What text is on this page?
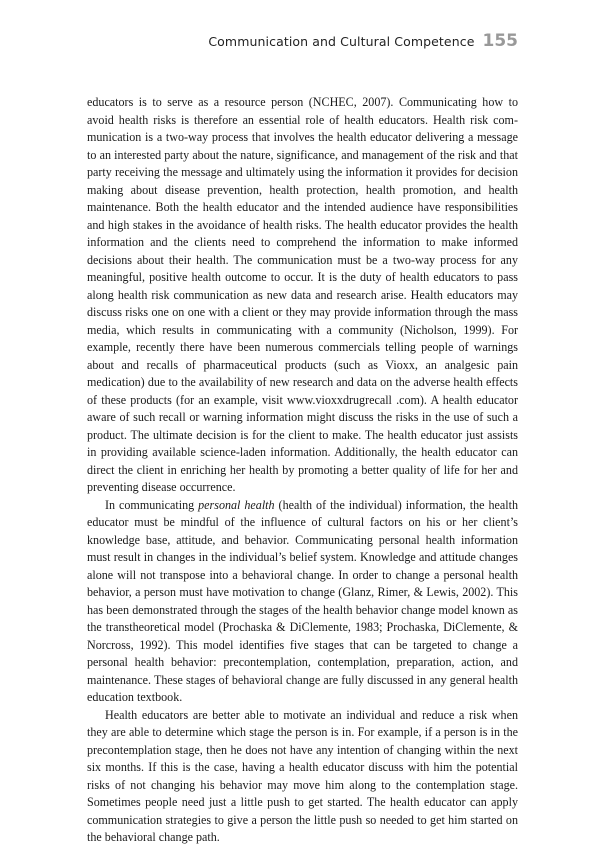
Communication and Cultural Competence 155

educators is to serve as a resource person (NCHEC, 2007). Communicating how to avoid health risks is therefore an essential role of health educators. Health risk communication is a two-way process that involves the health educator delivering a message to an interested party about the nature, significance, and management of the risk and that party receiving the message and ultimately using the information it provides for decision making about disease prevention, health protection, health promotion, and health maintenance. Both the health educator and the intended audience have responsibilities and high stakes in the avoidance of health risks. The health educator provides the health information and the clients need to comprehend the information to make informed decisions about their health. The communication must be a two-way process for any meaningful, positive health outcome to occur. It is the duty of health educators to pass along health risk communication as new data and research arise. Health educators may discuss risks one on one with a client or they may provide information through the mass media, which results in communicating with a community (Nicholson, 1999). For example, recently there have been numerous commercials telling people of warnings about and recalls of pharmaceutical products (such as Vioxx, an analgesic pain medication) due to the availability of new research and data on the adverse health effects of these products (for an example, visit www.vioxxdrugrecall .com). A health educator aware of such recall or warning information might discuss the risks in the use of such a product. The ultimate decision is for the client to make. The health educator just assists in providing available science-laden information. Additionally, the health educator can direct the client in enriching her health by promoting a better quality of life for her and preventing disease occurrence.

In communicating personal health (health of the individual) information, the health educator must be mindful of the influence of cultural factors on his or her client’s knowledge base, attitude, and behavior. Communicating personal health information must result in changes in the individual’s belief system. Knowledge and attitude changes alone will not transpose into a behavioral change. In order to change a personal health behavior, a person must have motivation to change (Glanz, Rimer, & Lewis, 2002). This has been demonstrated through the stages of the health behavior change model known as the transtheoretical model (Prochaska & DiClemente, 1983; Prochaska, DiClemente, & Norcross, 1992). This model identifies five stages that can be targeted to change a personal health behavior: precontemplation, contemplation, preparation, action, and maintenance. These stages of behavioral change are fully discussed in any general health education textbook.

Health educators are better able to motivate an individual and reduce a risk when they are able to determine which stage the person is in. For example, if a person is in the precontemplation stage, then he does not have any intention of changing within the next six months. If this is the case, having a health educator discuss with him the potential risks of not changing his behavior may move him along to the contemplation stage. Sometimes people need just a little push to get started. The health educator can apply communication strategies to give a person the little push so needed to get him started on the behavioral change path.
